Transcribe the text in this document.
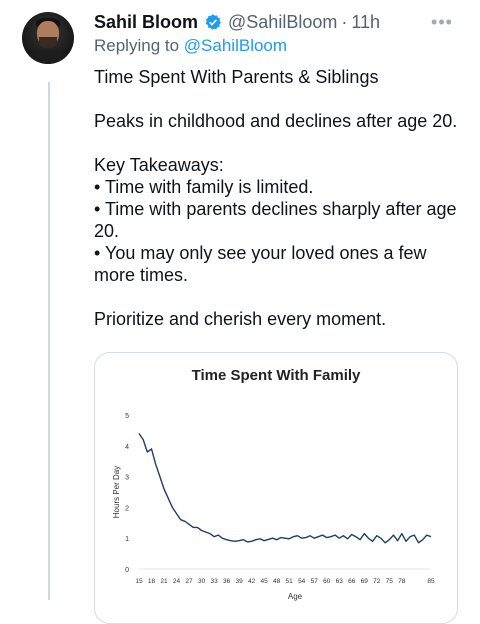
Sahil Bloom @SahilBloom · 11h	•••
Replying to @SahilBloom

Time Spent With Parents & Siblings

Peaks in childhood and declines after age 20.

Key Takeaways:

• Time with family is limited.

• Time with parents declines sharply after age 20.

• You may only see your loved ones a few more times.

Prioritize and cherish every moment.

Time Spent With Family
0
1
2
3
4
5
15 18 21 24 27 30 33 36 39 42 45 48 51 54 57 60 63 66 69 72 75 78	85
Hours Per Day
Age
